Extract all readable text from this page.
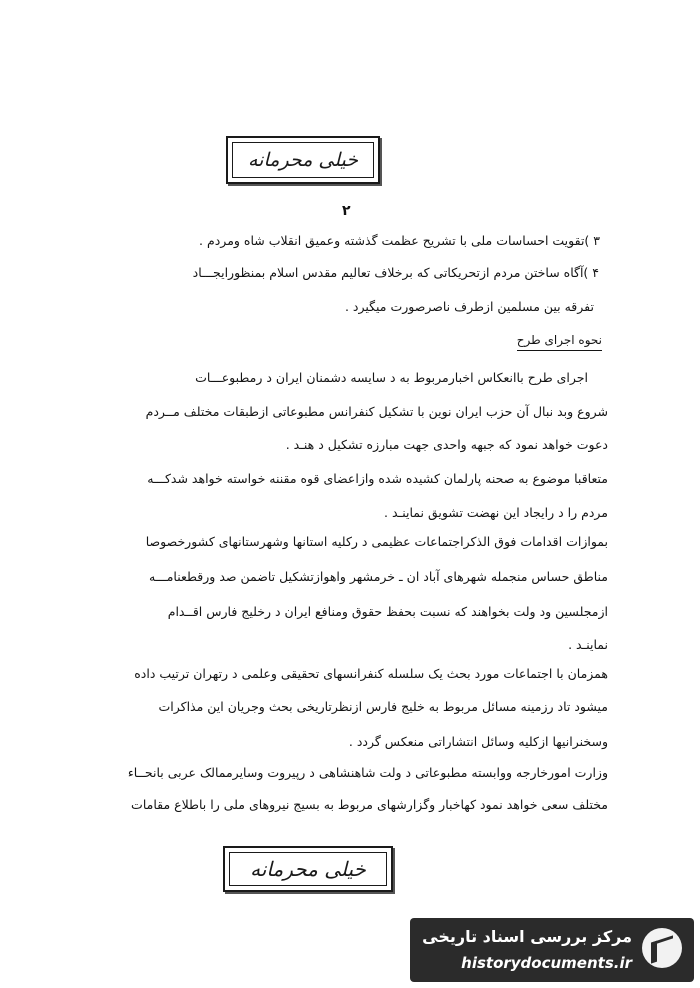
خیلی محرمانه
۲
۳ )تقویت احساسات ملی با تشریح عظمت گذشته وعمیق انقلاب شاه ومردم .
۴ )آگاه ساختن مردم ازتحریکاتی که برخلاف تعالیم مقدس اسلام بمنظورایجـــاد
تفرقه بین مسلمین ازطرف ناصرصورت میگیرد .
نحوه اجرای طرح
اجرای طرح باانعکاس اخبارمربوط به د سایسه دشمنان ایران د رمطبوعـــات
شروع وبد نبال آن حزب ایران نوین با تشکیل کنفرانس مطبوعاتی ازطبقات مختلف مــردم
دعوت خواهد نمود که جبهه واحدی جهت مبارزه تشکیل د هنـد .
متعاقبا موضوع به صحنه پارلمان کشیده شده وازاعضای قوه مقننه خواسته خواهد شدکـــه
مردم را د رایجاد این نهضت تشویق نماینـد .
بموازات اقدامات فوق الذکراجتماعات عظیمی د رکلیه استانها وشهرستانهای کشورخصوصا
مناطق حساس منجمله شهرهای آباد ان ـ خرمشهر واهوازتشکیل تاضمن صد ورقطعنامـــه
ازمجلسین ود ولت بخواهند که نسبت بحفظ حقوق ومنافع ایران د رخلیج فارس اقــدام
نماینـد .
همزمان با اجتماعات مورد بحث یک سلسله کنفرانسهای تحقیقی وعلمی د رتهران ترتیب داده
میشود تاد رزمینه مسائل مربوط به خلیج فارس ازنظرتاریخی بحث وجریان این مذاکرات
وسخنرانیها ازکلیه وسائل انتشاراتی منعکس گردد .
وزارت امورخارجه ووابسته مطبوعاتی د ولت شاهنشاهی د رپیروت وسایرممالک عربی بانحــاء
مختلف سعی خواهد نمود کهاخبار وگزارشهای مربوط به بسیج نیروهای ملی را باطلاع مقامات
خیلی محرمانه
مرکز بررسی اسناد تاریخی
historydocuments.ir
